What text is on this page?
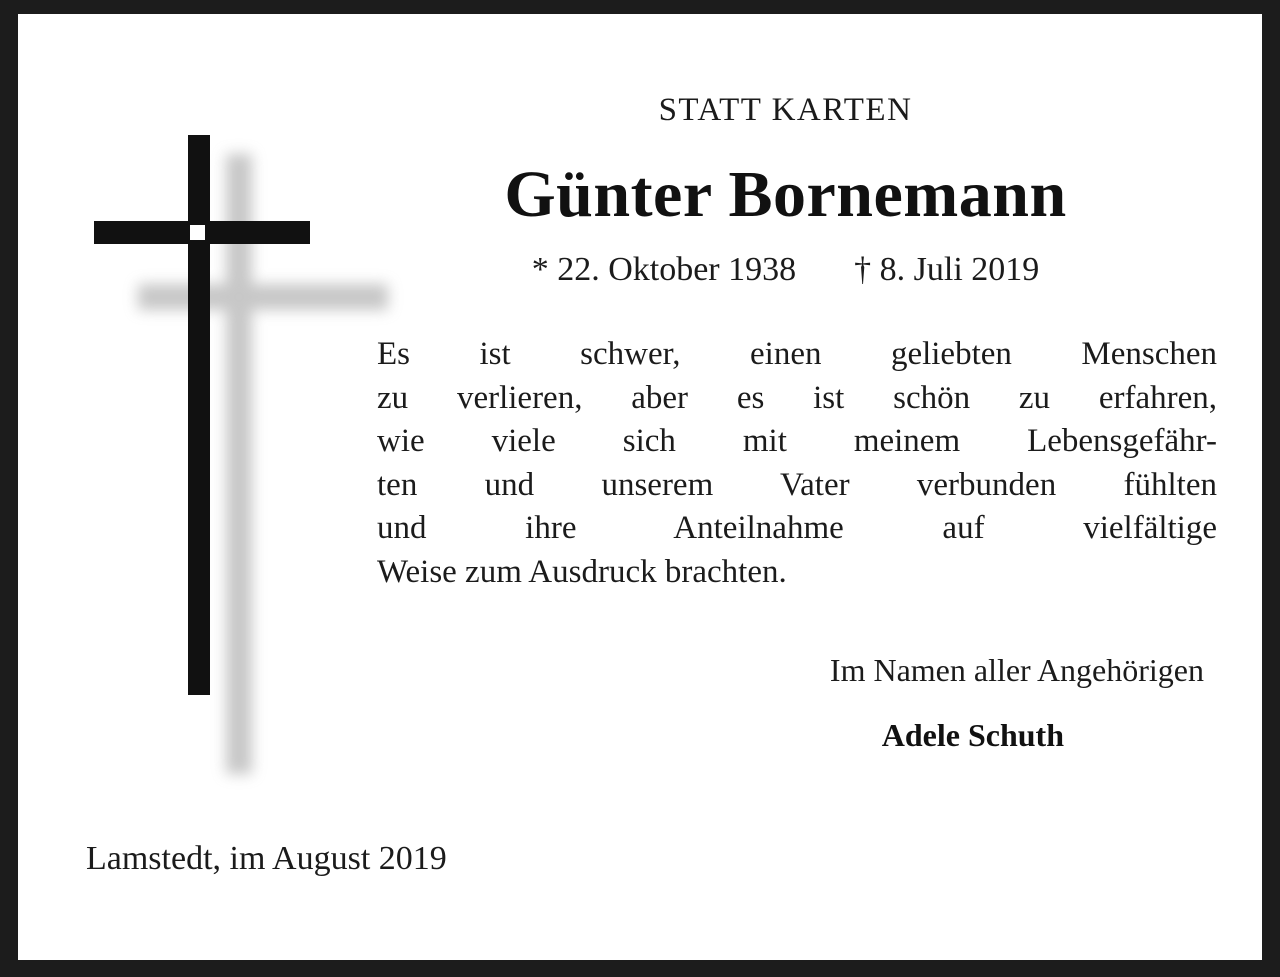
STATT KARTEN
Günter Bornemann
* 22. Oktober 1938 † 8. Juli 2019
Es ist schwer, einen geliebten Menschen
zu verlieren, aber es ist schön zu erfahren,
wie viele sich mit meinem Lebensgefähr-
ten und unserem Vater verbunden fühlten
und ihre Anteilnahme auf vielfältige
Weise zum Ausdruck brachten.
Im Namen aller Angehörigen
Adele Schuth
Lamstedt, im August 2019
